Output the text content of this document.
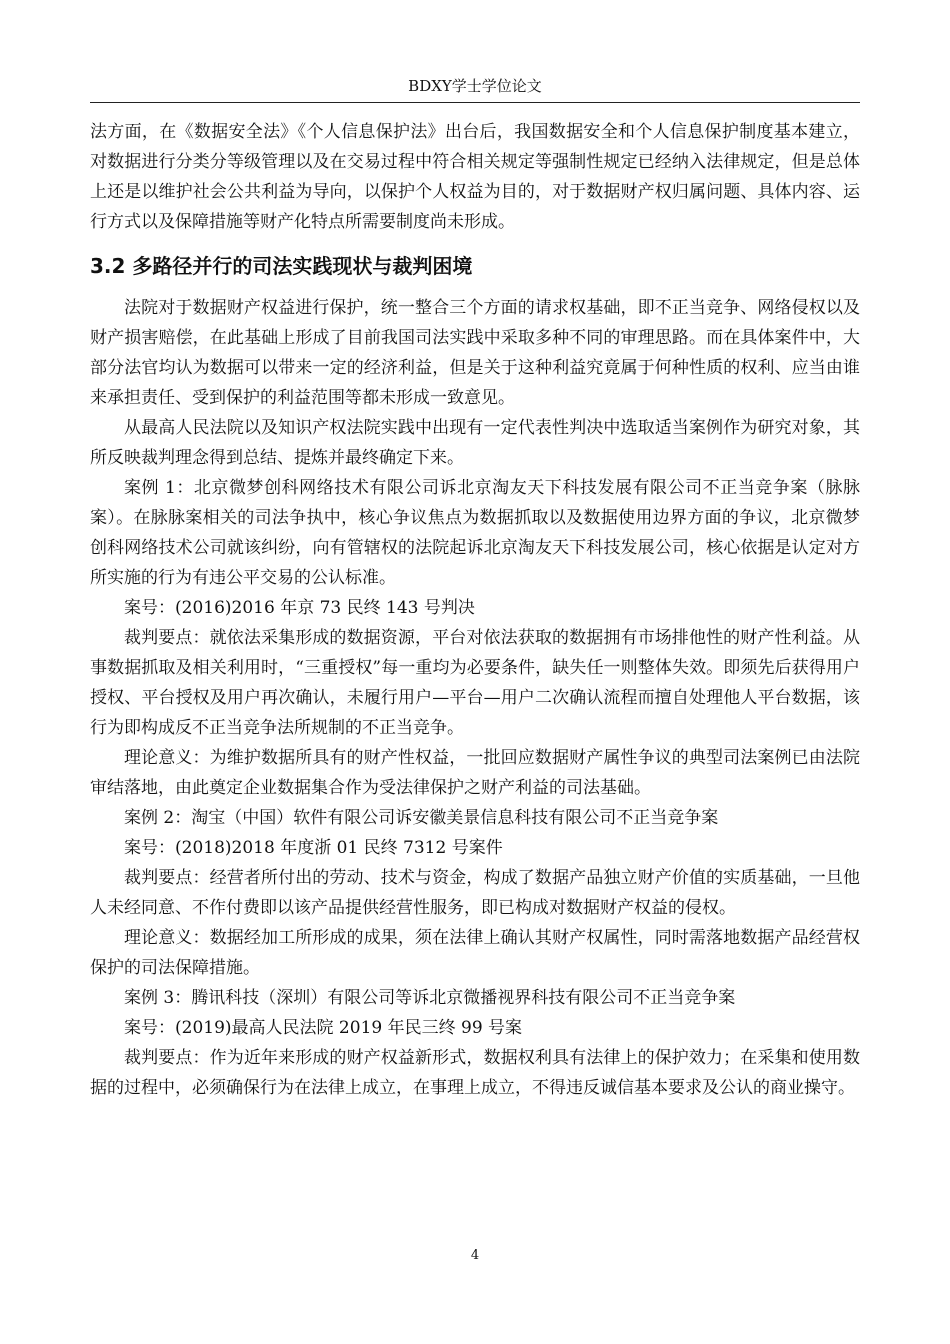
BDXY学士学位论文

法方面，在《数据安全法》《个人信息保护法》出台后，我国数据安全和个人信息保护制度基本建立，对数据进行分类分等级管理以及在交易过程中符合相关规定等强制性规定已经纳入法律规定，但是总体上还是以维护社会公共利益为导向，以保护个人权益为目的，对于数据财产权归属问题、具体内容、运行方式以及保障措施等财产化特点所需要制度尚未形成。

3.2 多路径并行的司法实践现状与裁判困境

法院对于数据财产权益进行保护，统一整合三个方面的请求权基础，即不正当竞争、网络侵权以及财产损害赔偿，在此基础上形成了目前我国司法实践中采取多种不同的审理思路。而在具体案件中，大部分法官均认为数据可以带来一定的经济利益，但是关于这种利益究竟属于何种性质的权利、应当由谁来承担责任、受到保护的利益范围等都未形成一致意见。

从最高人民法院以及知识产权法院实践中出现有一定代表性判决中选取适当案例作为研究对象，其所反映裁判理念得到总结、提炼并最终确定下来。

案例 1：北京微梦创科网络技术有限公司诉北京淘友天下科技发展有限公司不正当竞争案（脉脉案）。在脉脉案相关的司法争执中，核心争议焦点为数据抓取以及数据使用边界方面的争议，北京微梦创科网络技术公司就该纠纷，向有管辖权的法院起诉北京淘友天下科技发展公司，核心依据是认定对方所实施的行为有违公平交易的公认标准。

案号：(2016)2016 年京 73 民终 143 号判决

裁判要点：就依法采集形成的数据资源，平台对依法获取的数据拥有市场排他性的财产性利益。从事数据抓取及相关利用时，“三重授权”每一重均为必要条件，缺失任一则整体失效。即须先后获得用户授权、平台授权及用户再次确认，未履行用户—平台—用户二次确认流程而擅自处理他人平台数据，该行为即构成反不正当竞争法所规制的不正当竞争。

理论意义：为维护数据所具有的财产性权益，一批回应数据财产属性争议的典型司法案例已由法院审结落地，由此奠定企业数据集合作为受法律保护之财产利益的司法基础。

案例 2：淘宝（中国）软件有限公司诉安徽美景信息科技有限公司不正当竞争案

案号：(2018)2018 年度浙 01 民终 7312 号案件

裁判要点：经营者所付出的劳动、技术与资金，构成了数据产品独立财产价值的实质基础，一旦他人未经同意、不作付费即以该产品提供经营性服务，即已构成对数据财产权益的侵权。

理论意义：数据经加工所形成的成果，须在法律上确认其财产权属性，同时需落地数据产品经营权保护的司法保障措施。

案例 3：腾讯科技（深圳）有限公司等诉北京微播视界科技有限公司不正当竞争案

案号：(2019)最高人民法院 2019 年民三终 99 号案

裁判要点：作为近年来形成的财产权益新形式，数据权利具有法律上的保护效力；在采集和使用数据的过程中，必须确保行为在法律上成立，在事理上成立，不得违反诚信基本要求及公认的商业操守。

4
